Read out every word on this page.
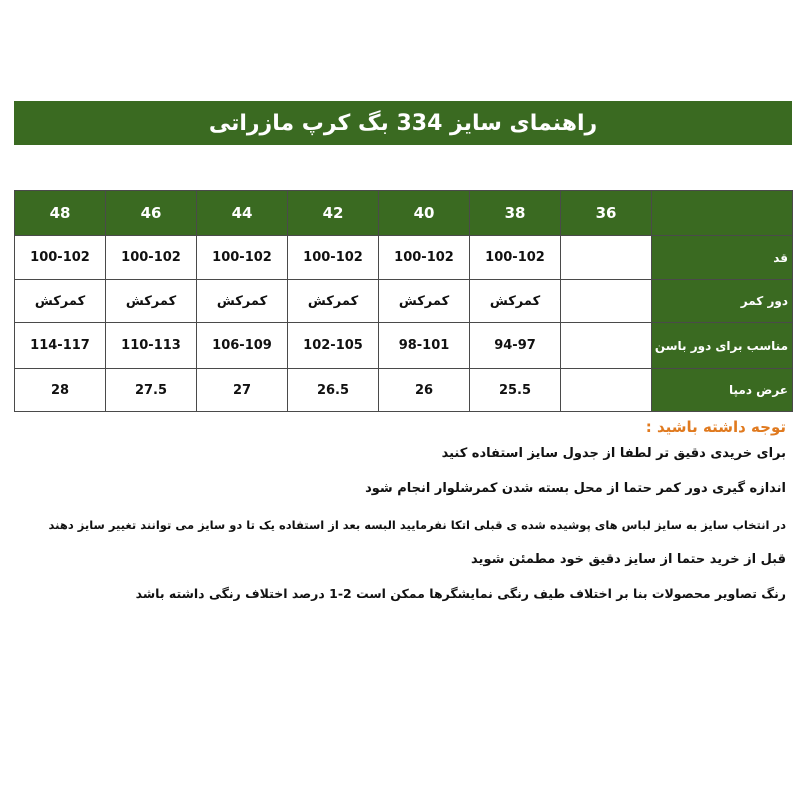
راهنمای سایز 334 بگ کرپ مازراتی
48	46	44	42	40	38	36	
100-102	100-102	100-102	100-102	100-102	100-102		قد
کمرکش	کمرکش	کمرکش	کمرکش	کمرکش	کمرکش		دور کمر
114-117	110-113	106-109	102-105	98-101	94-97		مناسب برای دور باسن
28	27.5	27	26.5	26	25.5		عرض دمپا

توجه داشته باشید :

برای خریدی دقیق تر لطفا از جدول سایز استفاده کنید

اندازه گیری دور کمر حتما از محل بسته شدن کمرشلوار انجام شود

در انتخاب سایز به سایز لباس های پوشیده شده ی قبلی اتکا نفرمایید البسه بعد از استفاده یک تا دو سایز می توانند تغییر سایز دهند

قبل از خرید حتما از سایز دقیق خود مطمئن شوید

رنگ تصاویر محصولات بنا بر اختلاف طیف رنگی نمایشگرها ممکن است 2-1 درصد اختلاف رنگی داشته باشد
